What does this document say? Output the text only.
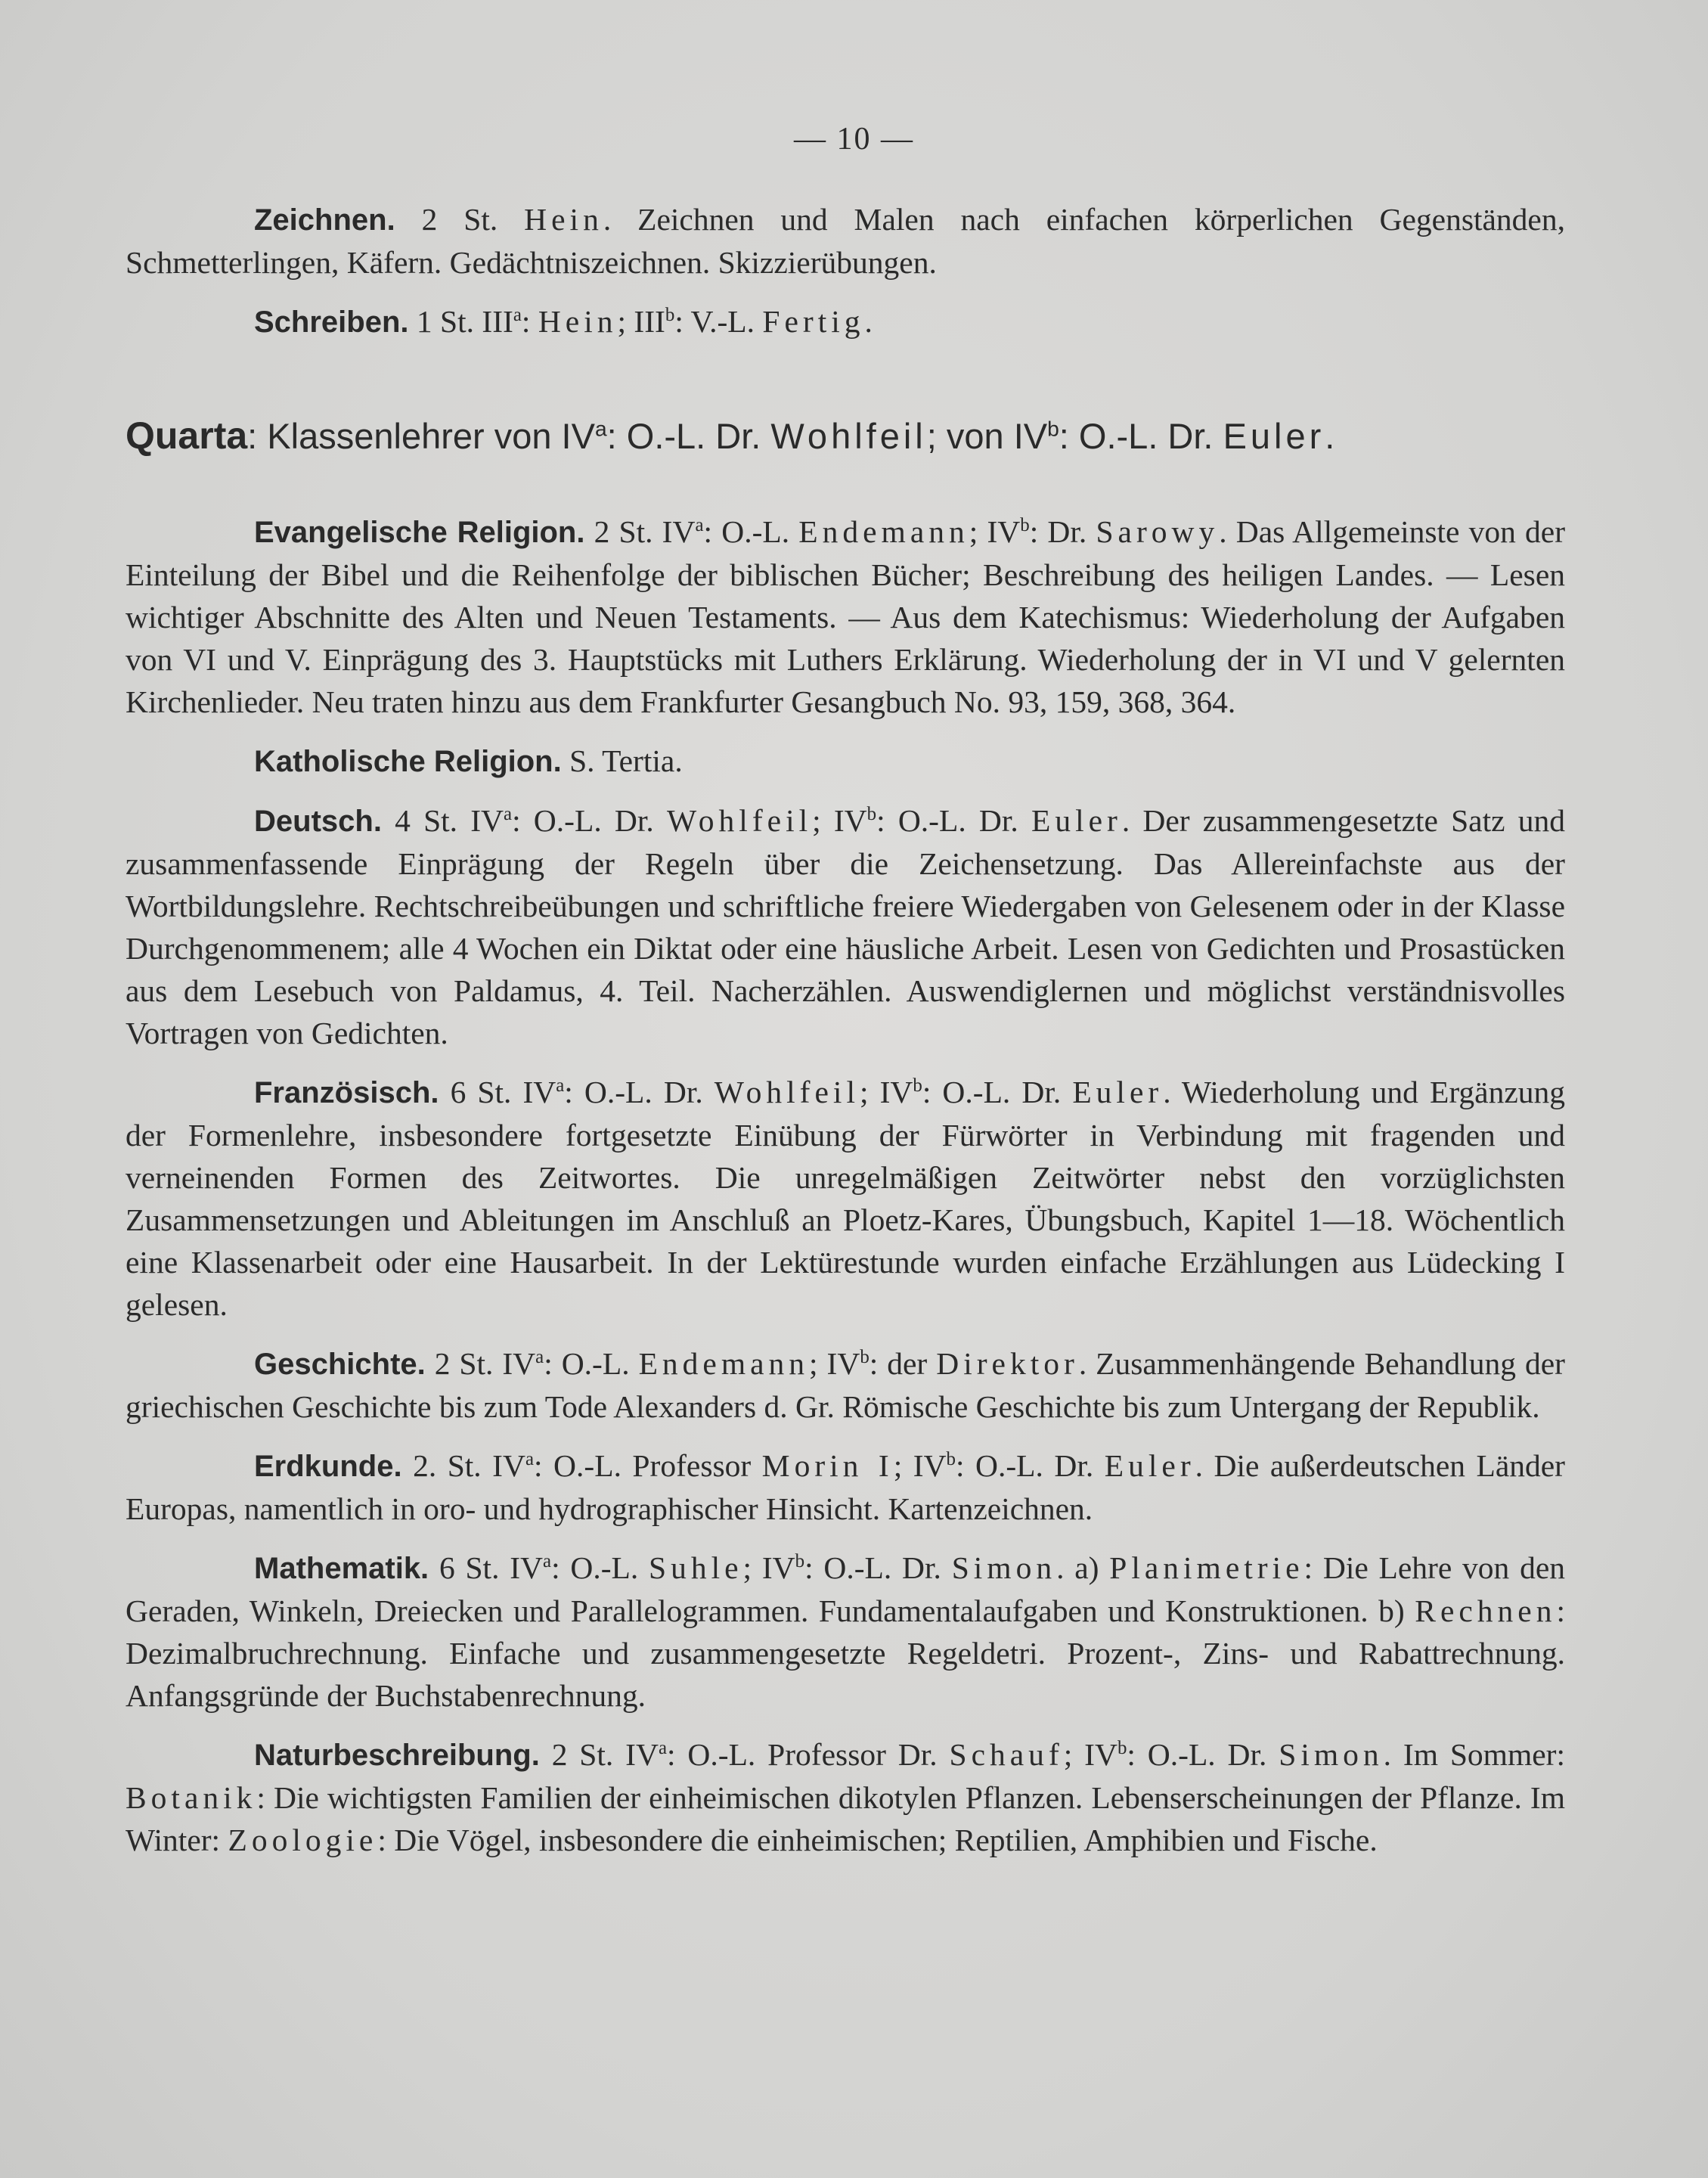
— 10 —

Zeichnen. 2 St. Hein. Zeichnen und Malen nach einfachen körperlichen Gegenständen, Schmetterlingen, Käfern. Gedächtniszeichnen. Skizzierübungen.

Schreiben. 1 St. III$^a$: Hein; III$^b$: V.-L. Fertig.

Quarta: Klassenlehrer von $IV^a$: O.-L. Dr. Wohlfeil; von $IV^b$: O.-L. Dr. Euler.

Evangelische Religion. 2 St. $IV^a$: O.-L. Endemann; $IV^b$: Dr. Sarowy. Das Allgemeinste von der Einteilung der Bibel und die Reihenfolge der biblischen Bücher; Beschreibung des heiligen Landes. — Lesen wichtiger Abschnitte des Alten und Neuen Testaments. — Aus dem Katechismus: Wiederholung der Aufgaben von VI und V. Einprägung des 3. Hauptstücks mit Luthers Erklärung. Wiederholung der in VI und V gelernten Kirchenlieder. Neu traten hinzu aus dem Frankfurter Gesangbuch No. 93, 159, 368, 364.

Katholische Religion. S. Tertia.

Deutsch. 4 St. $IV^a$: O.-L. Dr. Wohlfeil; $IV^b$: O.-L. Dr. Euler. Der zusammengesetzte Satz und zusammenfassende Einprägung der Regeln über die Zeichensetzung. Das Allereinfachste aus der Wortbildungslehre. Rechtschreibeübungen und schriftliche freiere Wiedergaben von Gelesenem oder in der Klasse Durchgenommenem; alle 4 Wochen ein Diktat oder eine häusliche Arbeit. Lesen von Gedichten und Prosastücken aus dem Lesebuch von Paldamus, 4. Teil. Nacherzählen. Auswendiglernen und möglichst verständnisvolles Vortragen von Gedichten.

Französisch. 6 St. $IV^a$: O.-L. Dr. Wohlfeil; $IV^b$: O.-L. Dr. Euler. Wiederholung und Ergänzung der Formenlehre, insbesondere fortgesetzte Einübung der Fürwörter in Verbindung mit fragenden und verneinenden Formen des Zeitwortes. Die unregelmäßigen Zeitwörter nebst den vorzüglichsten Zusammensetzungen und Ableitungen im Anschluß an Ploetz-Kares, Übungsbuch, Kapitel 1—18. Wöchentlich eine Klassenarbeit oder eine Hausarbeit. In der Lektürestunde wurden einfache Erzählungen aus Lüdecking I gelesen.

Geschichte. 2 St. $IV^a$: O.-L. Endemann; $IV^b$: der Direktor. Zusammenhängende Behandlung der griechischen Geschichte bis zum Tode Alexanders d. Gr. Römische Geschichte bis zum Untergang der Republik.

Erdkunde. 2. St. $IV^a$: O.-L. Professor Morin I; $IV^b$: O.-L. Dr. Euler. Die außerdeutschen Länder Europas, namentlich in oro- und hydrographischer Hinsicht. Kartenzeichnen.

Mathematik. 6 St. $IV^a$: O.-L. Suhle; $IV^b$: O.-L. Dr. Simon. a) Planimetrie: Die Lehre von den Geraden, Winkeln, Dreiecken und Parallelogrammen. Fundamentalaufgaben und Konstruktionen. b) Rechnen: Dezimalbruchrechnung. Einfache und zusammengesetzte Regeldetri. Prozent-, Zins- und Rabattrechnung. Anfangsgründe der Buchstabenrechnung.

Naturbeschreibung. 2 St. $IV^a$: O.-L. Professor Dr. Schauf; $IV^b$: O.-L. Dr. Simon. Im Sommer: Botanik: Die wichtigsten Familien der einheimischen dikotylen Pflanzen. Lebenserscheinungen der Pflanze. Im Winter: Zoologie: Die Vögel, insbesondere die einheimischen; Reptilien, Amphibien und Fische.
